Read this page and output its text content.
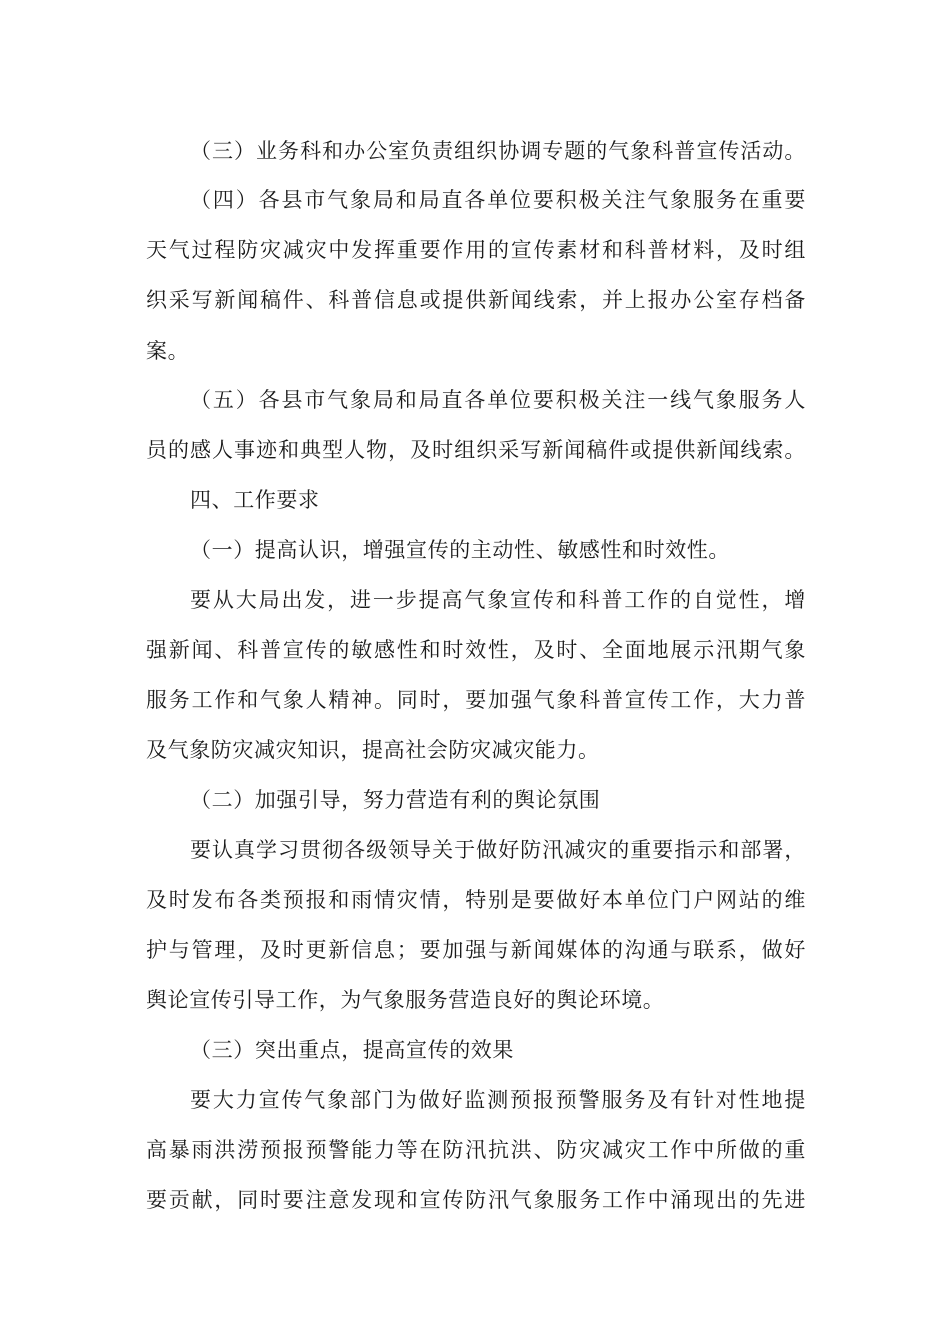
（三）业务科和办公室负责组织协调专题的气象科普宣传活动。
（四）各县市气象局和局直各单位要积极关注气象服务在重要
天气过程防灾减灾中发挥重要作用的宣传素材和科普材料，及时组
织采写新闻稿件、科普信息或提供新闻线索，并上报办公室存档备
案。
（五）各县市气象局和局直各单位要积极关注一线气象服务人
员的感人事迹和典型人物，及时组织采写新闻稿件或提供新闻线索。
四、工作要求
（一）提高认识，增强宣传的主动性、敏感性和时效性。
要从大局出发，进一步提高气象宣传和科普工作的自觉性，增
强新闻、科普宣传的敏感性和时效性，及时、全面地展示汛期气象
服务工作和气象人精神。同时，要加强气象科普宣传工作，大力普
及气象防灾减灾知识，提高社会防灾减灾能力。
（二）加强引导，努力营造有利的舆论氛围
要认真学习贯彻各级领导关于做好防汛减灾的重要指示和部署，
及时发布各类预报和雨情灾情，特别是要做好本单位门户网站的维
护与管理，及时更新信息；要加强与新闻媒体的沟通与联系，做好
舆论宣传引导工作，为气象服务营造良好的舆论环境。
（三）突出重点，提高宣传的效果
要大力宣传气象部门为做好监测预报预警服务及有针对性地提
高暴雨洪涝预报预警能力等在防汛抗洪、防灾减灾工作中所做的重
要贡献，同时要注意发现和宣传防汛气象服务工作中涌现出的先进
